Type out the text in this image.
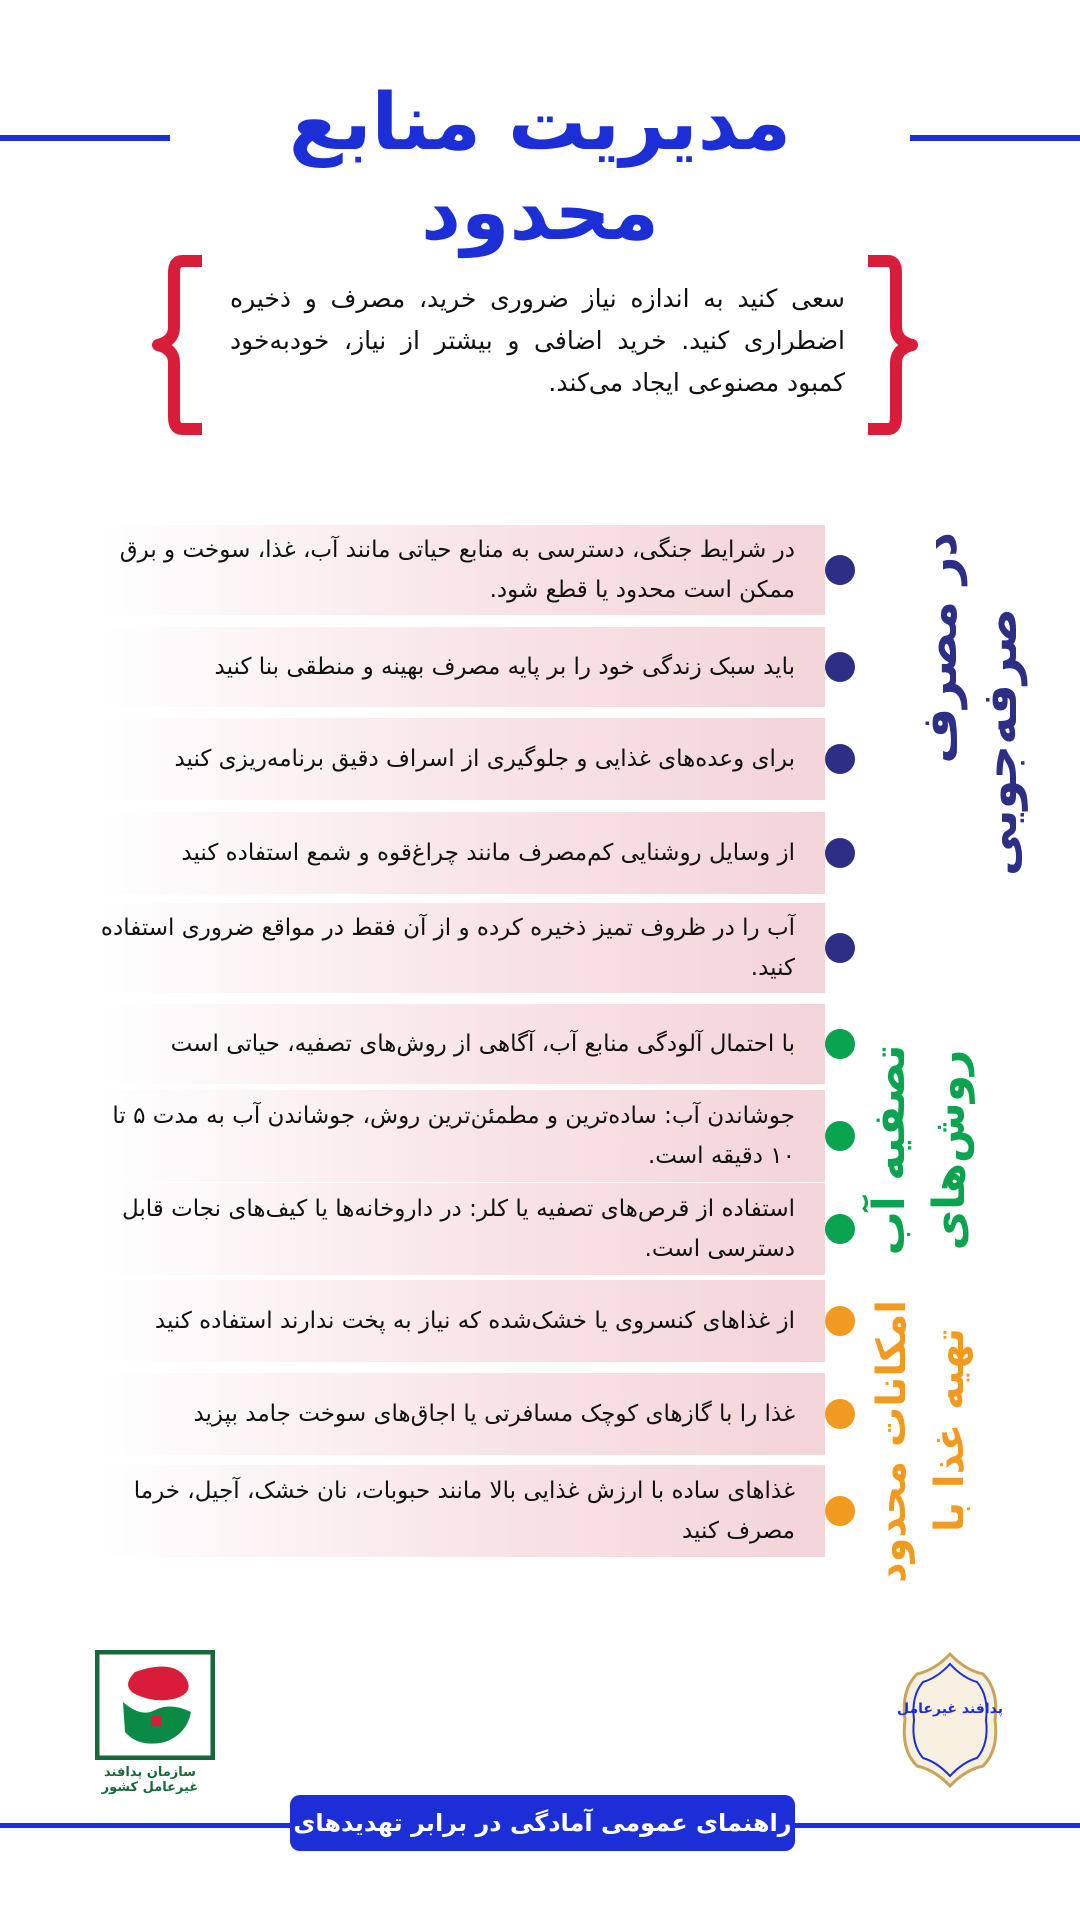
مدیریت منابع محدود
سعی کنید به اندازه نیاز ضروری خرید، مصرف و ذخیره اضطراری کنید. خرید اضافی و بیشتر از نیاز، خودبه‌خود کمبود مصنوعی ایجاد می‌کند.
در شرایط جنگی، دسترسی به منابع حیاتی مانند آب، غذا، سوخت و برق ممکن است محدود یا قطع شود.
باید سبک زندگی خود را بر پایه مصرف بهینه و منطقی بنا کنید
برای وعده‌های غذایی و جلوگیری از اسراف دقیق برنامه‌ریزی کنید
از وسایل روشنایی کم‌مصرف مانند چراغ‌قوه و شمع استفاده کنید
آب را در ظروف تمیز ذخیره کرده و از آن فقط در مواقع ضروری استفاده کنید.
با احتمال آلودگی منابع آب، آگاهی از روش‌های تصفیه، حیاتی است
جوشاندن آب: ساده‌ترین و مطمئن‌ترین روش، جوشاندن آب به مدت ۵ تا ۱۰ دقیقه است.
استفاده از قرص‌های تصفیه یا کلر: در داروخانه‌ها یا کیف‌های نجات قابل دسترسی است.
از غذاهای کنسروی یا خشک‌شده که نیاز به پخت ندارند استفاده کنید
غذا را با گازهای کوچک مسافرتی یا اجاق‌های سوخت جامد بپزید
غذاهای ساده با ارزش غذایی بالا مانند حبوبات، نان خشک، آجیل، خرما مصرف کنید
صرفه‌جویی
در مصرف
روش‌های
تصفیه آب
تهیه غذا با
امکانات محدود
سازمان پدافند غیرعامل کشور
پدافند غیرعامل
راهنمای عمومی آمادگی در برابر تهدیدهای نظامی
